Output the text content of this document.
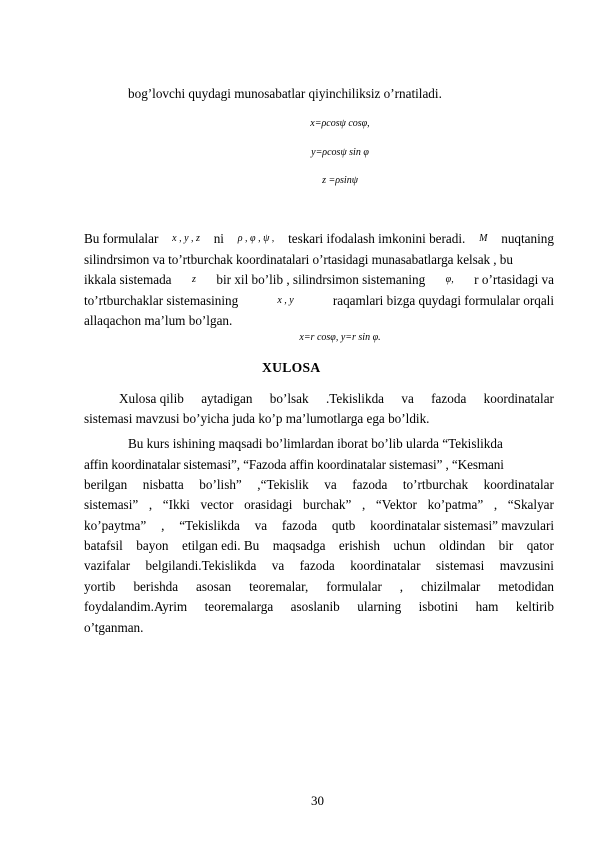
bog’lovchi quydagi munosabatlar qiyinchiliksiz o’rnatiladi.
x=ρcosψ cosφ,
y=ρcosψ sin φ
z =ρsinψ
Bu formulalar x , y , z ni ρ , φ , ψ , teskari ifodalash imkonini beradi. M nuqtaning
silindrsimon va to’rtburchak koordinatalari o’rtasidagi munasabatlarga kelsak , bu
ikkala sistemada z bir xil bo’lib , silindrsimon sistemaning φ, r o’rtasidagi va
to’rtburchaklar sistemasining	x , y	raqamlari bizga quydagi formulalar orqali
allaqachon ma’lum bo’lgan.
x=r cosφ, y=r sin φ.
XULOSA
Xulosa qilib aytadigan bo’lsak .Tekislikda va fazoda koordinatalar
sistemasi mavzusi bo’yicha juda ko’p ma’lumotlarga ega bo’ldik.
Bu kurs ishining maqsadi bo’limlardan iborat bo’lib ularda “Tekislikda
affin koordinatalar sistemasi”, “Fazoda affin koordinatalar sistemasi” , “Kesmani
berilgan nisbatta bo’lish” ,“Tekislik va fazoda to’rtburchak koordinatalar
sistemasi” , “Ikki vector orasidagi burchak” , “Vektor ko’patma” , “Skalyar
ko’paytma” , “Tekislikda va fazoda qutb koordinatalar sistemasi” mavzulari
batafsil bayon etilgan edi. Bu maqsadga erishish uchun oldindan bir qator
vazifalar belgilandi.Tekislikda va fazoda koordinatalar sistemasi mavzusini
yortib berishda asosan teoremalar, formulalar , chizilmalar metodidan
foydalandim.Ayrim teoremalarga asoslanib ularning isbotini ham keltirib
o’tganman.
30
